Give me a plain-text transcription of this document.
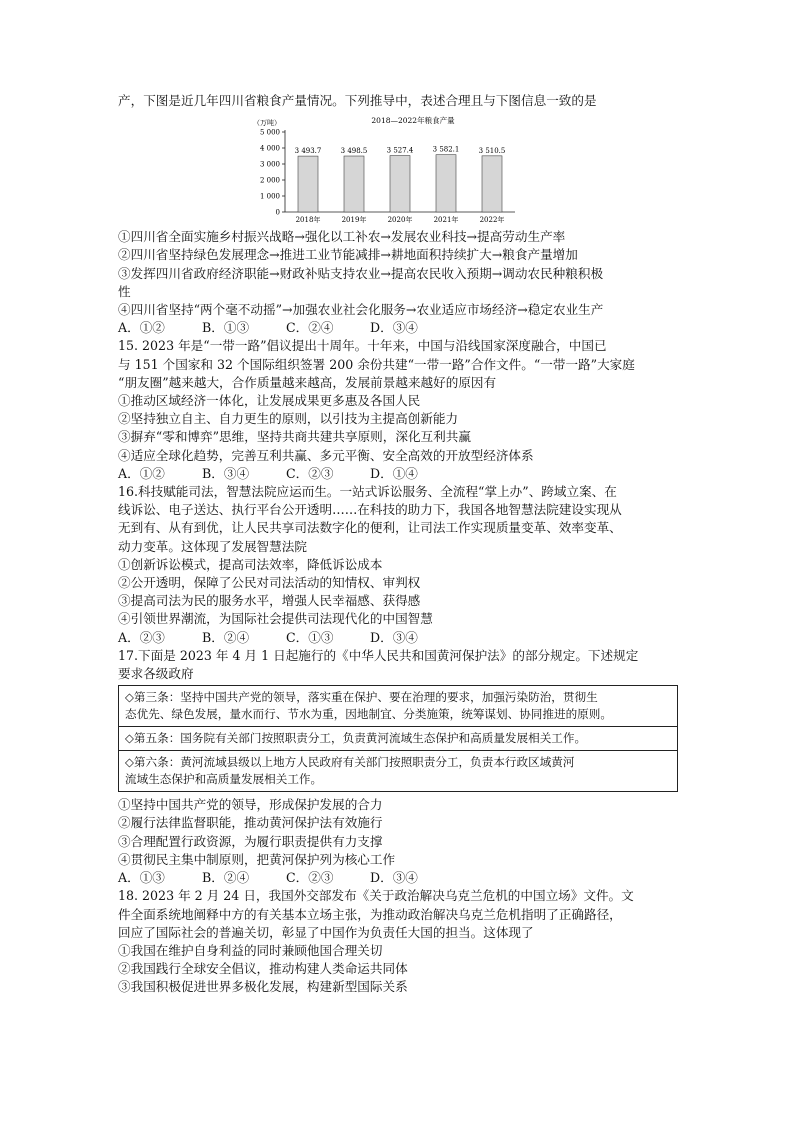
产，下图是近几年四川省粮食产量情况。下列推导中，表述合理且与下图信息一致的是
（万吨）	2018—2022年粮食产量
0
1 000
2 000
3 000
4 000
5 000
3 493.7
2018年
3 498.5
2019年
3 527.4
2020年
3 582.1
2021年
3 510.5
2022年
①四川省全面实施乡村振兴战略→强化以工补农→发展农业科技→提高劳动生产率
②四川省坚持绿色发展理念→推进工业节能减排→耕地面积持续扩大→粮食产量增加
③发挥四川省政府经济职能→财政补贴支持农业→提高农民收入预期→调动农民种粮积极
性
④四川省坚持“两个毫不动摇”→加强农业社会化服务→农业适应市场经济→稳定农业生产
A．①②	B．①③	C．②④	D．③④
15. 2023 年是“一带一路”倡议提出十周年。十年来，中国与沿线国家深度融合，中国已
与 151 个国家和 32 个国际组织签署 200 余份共建“一带一路”合作文件。“一带一路”大家庭
“朋友圈”越来越大，合作质量越来越高，发展前景越来越好的原因有
①推动区域经济一体化，让发展成果更多惠及各国人民
②坚持独立自主、自力更生的原则，以引技为主提高创新能力
③摒弃“零和博弈”思维，坚持共商共建共享原则，深化互利共赢
④适应全球化趋势，完善互利共赢、多元平衡、安全高效的开放型经济体系
A．①②	B．③④	C．②③	D．①④
16.科技赋能司法，智慧法院应运而生。一站式诉讼服务、全流程“掌上办”、跨域立案、在
线诉讼、电子送达、执行平台公开透明……在科技的助力下，我国各地智慧法院建设实现从
无到有、从有到优，让人民共享司法数字化的便利，让司法工作实现质量变革、效率变革、
动力变革。这体现了发展智慧法院
①创新诉讼模式，提高司法效率，降低诉讼成本
②公开透明，保障了公民对司法活动的知情权、审判权
③提高司法为民的服务水平，增强人民幸福感、获得感
④引领世界潮流，为国际社会提供司法现代化的中国智慧
A．②③	B．②④	C．①③	D．③④
17.下面是 2023 年 4 月 1 日起施行的《中华人民共和国黄河保护法》的部分规定。下述规定
要求各级政府
◇第三条：坚持中国共产党的领导，落实重在保护、要在治理的要求，加强污染防治，贯彻生
态优先、绿色发展，量水而行、节水为重，因地制宜、分类施策，统筹谋划、协同推进的原则。
◇第五条：国务院有关部门按照职责分工，负责黄河流域生态保护和高质量发展相关工作。
◇第六条：黄河流域县级以上地方人民政府有关部门按照职责分工，负责本行政区域黄河
流域生态保护和高质量发展相关工作。
①坚持中国共产党的领导，形成保护发展的合力
②履行法律监督职能，推动黄河保护法有效施行
③合理配置行政资源，为履行职责提供有力支撑
④贯彻民主集中制原则，把黄河保护列为核心工作
A．①③	B．②④	C．②③	D．③④
18. 2023 年 2 月 24 日，我国外交部发布《关于政治解决乌克兰危机的中国立场》文件。文
件全面系统地阐释中方的有关基本立场主张，为推动政治解决乌克兰危机指明了正确路径，
回应了国际社会的普遍关切，彰显了中国作为负责任大国的担当。这体现了
①我国在维护自身利益的同时兼顾他国合理关切
②我国践行全球安全倡议，推动构建人类命运共同体
③我国积极促进世界多极化发展，构建新型国际关系
